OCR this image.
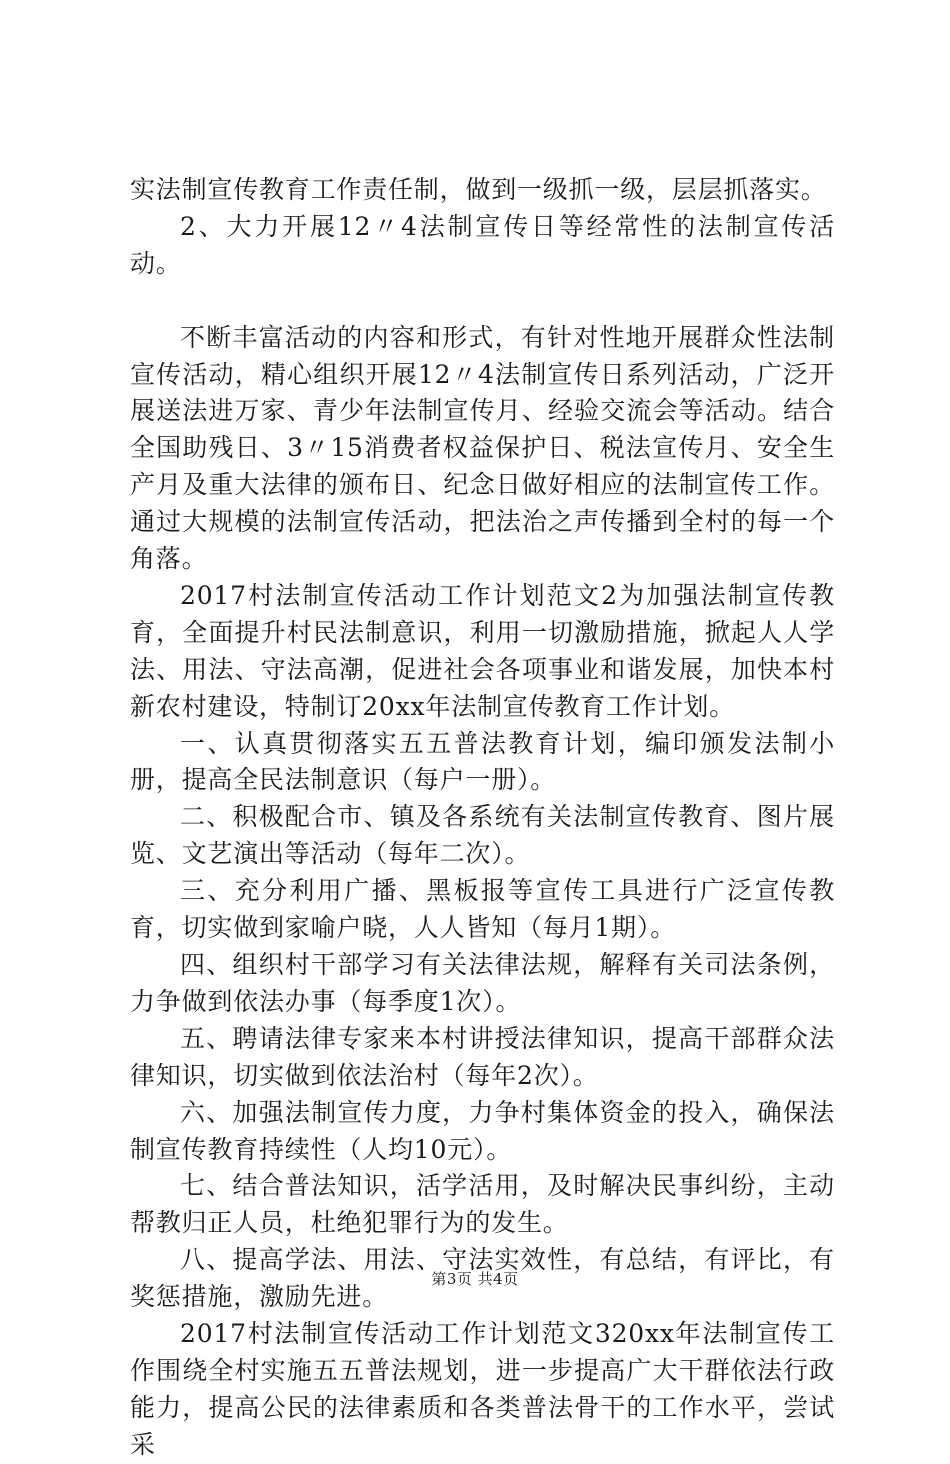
实法制宣传教育工作责任制，做到一级抓一级，层层抓落实。

2、大力开展12〃4法制宣传日等经常性的法制宣传活动。

不断丰富活动的内容和形式，有针对性地开展群众性法制宣传活动，精心组织开展12〃4法制宣传日系列活动，广泛开展送法进万家、青少年法制宣传月、经验交流会等活动。结合全国助残日、3〃15消费者权益保护日、税法宣传月、安全生产月及重大法律的颁布日、纪念日做好相应的法制宣传工作。通过大规模的法制宣传活动，把法治之声传播到全村的每一个角落。

2017村法制宣传活动工作计划范文2为加强法制宣传教育，全面提升村民法制意识，利用一切激励措施，掀起人人学法、用法、守法高潮，促进社会各项事业和谐发展，加快本村新农村建设，特制订20xx年法制宣传教育工作计划。

一、认真贯彻落实五五普法教育计划，编印颁发法制小册，提高全民法制意识（每户一册）。

二、积极配合市、镇及各系统有关法制宣传教育、图片展览、文艺演出等活动（每年二次）。

三、充分利用广播、黑板报等宣传工具进行广泛宣传教育，切实做到家喻户晓，人人皆知（每月1期）。

四、组织村干部学习有关法律法规，解释有关司法条例，力争做到依法办事（每季度1次）。

五、聘请法律专家来本村讲授法律知识，提高干部群众法律知识，切实做到依法治村（每年2次）。

六、加强法制宣传力度，力争村集体资金的投入，确保法制宣传教育持续性（人均10元）。

七、结合普法知识，活学活用，及时解决民事纠纷，主动帮教归正人员，杜绝犯罪行为的发生。

八、提高学法、用法、守法实效性，有总结，有评比，有奖惩措施，激励先进。

2017村法制宣传活动工作计划范文320xx年法制宣传工作围绕全村实施五五普法规划，进一步提高广大干群依法行政能力，提高公民的法律素质和各类普法骨干的工作水平，尝试采

第3页 共4页
